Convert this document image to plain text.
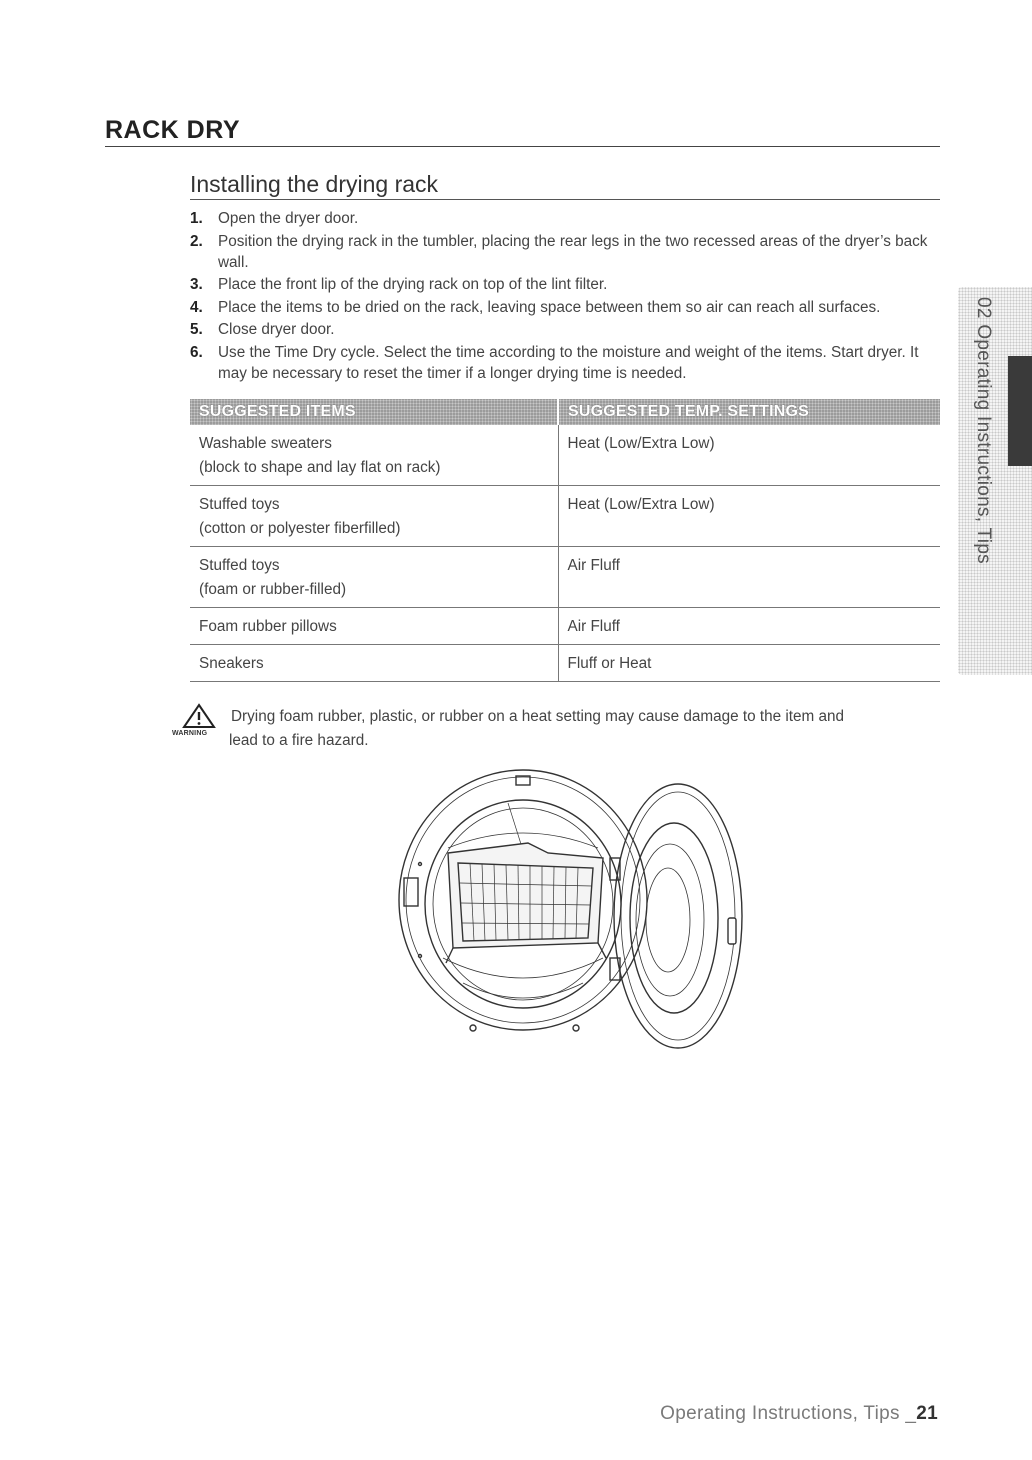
RACK DRY
Installing the drying rack
1. Open the dryer door.
2. Position the drying rack in the tumbler, placing the rear legs in the two recessed areas of the dryer’s back wall.
3. Place the front lip of the drying rack on top of the lint filter.
4. Place the items to be dried on the rack, leaving space between them so air can reach all surfaces.
5. Close dryer door.
6. Use the Time Dry cycle. Select the time according to the moisture and weight of the items. Start dryer. It may be necessary to reset the timer if a longer drying time is needed.	02 Operating Instructions, Tips
SUGGESTED ITEMS	SUGGESTED TEMP. SETTINGS

Washable sweaters
(block to shape and lay flat on rack)	Heat (Low/Extra Low)

Stuffed toys
(cotton or polyester fiberfilled)	Heat (Low/Extra Low)

Stuffed toys
(foam or rubber-filled)	Air Fluff

Foam rubber pillows	Air Fluff

Sneakers	Fluff or Heat
WARNING
Drying foam rubber, plastic, or rubber on a heat setting may cause damage to the item and
lead to a fire hazard.
Operating Instructions, Tips _21
